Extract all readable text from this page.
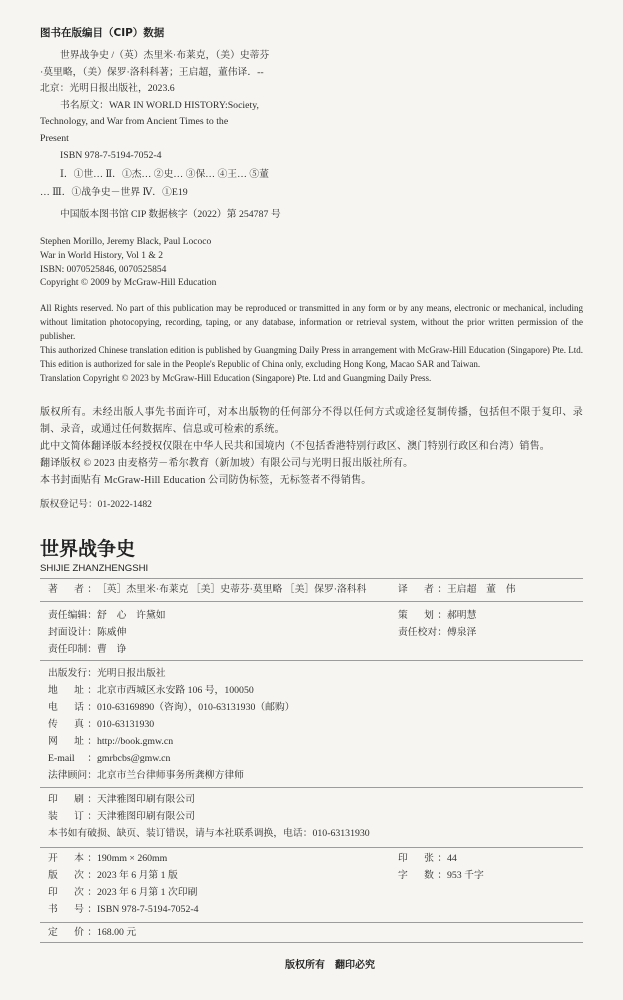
图书在版编目（CIP）数据
世界战争史 /（英）杰里米·布莱克，（美）史蒂芬
·莫里略，（美）保罗·洛科科著；王启超，董伟译．--
北京：光明日报出版社，2023.6
书名原文：WAR IN WORLD HISTORY:Society,
Technology, and War from Ancient Times to the
Present
ISBN 978-7-5194-7052-4
Ⅰ．①世… Ⅱ．①杰… ②史… ③保… ④王… ⑤董
… Ⅲ．①战争史－世界 Ⅳ．①E19
中国版本图书馆 CIP 数据核字（2022）第 254787 号
Stephen Morillo, Jeremy Black, Paul Lococo
War in World History, Vol 1 & 2
ISBN: 0070525846, 0070525854
Copyright © 2009 by McGraw-Hill Education

All Rights reserved. No part of this publication may be reproduced or transmitted in any form or by any means, electronic or mechanical, including without limitation photocopying, recording, taping, or any database, information or retrieval system, without the prior written permission of the publisher.

This authorized Chinese translation edition is published by Guangming Daily Press in arrangement with McGraw-Hill Education (Singapore) Pte. Ltd. This edition is authorized for sale in the People's Republic of China only, excluding Hong Kong, Macao SAR and Taiwan.

Translation Copyright © 2023 by McGraw-Hill Education (Singapore) Pte. Ltd and Guangming Daily Press.

版权所有。未经出版人事先书面许可，对本出版物的任何部分不得以任何方式或途径复制传播，包括但不限于复印、录制、录音，或通过任何数据库、信息或可检索的系统。

此中文简体翻译版本经授权仅限在中华人民共和国境内（不包括香港特别行政区、澳门特别行政区和台湾）销售。

翻译版权 © 2023 由麦格劳－希尔教育（新加坡）有限公司与光明日报出版社所有。

本书封面贴有 McGraw-Hill Education 公司防伪标签，无标签者不得销售。

版权登记号：01-2022-1482
世界战争史
SHIJIE ZHANZHENGSHI
著　者：［英］杰里米·布莱克 ［美］史蒂芬·莫里略 ［美］保罗·洛科科	译　者：王启超　董　伟
责任编辑：舒　心　许黛如	策　划：郝明慧
封面设计：陈威伸	责任校对：傅泉泽
责任印制：曹　诤
出版发行：光明日报出版社
地　址：北京市西城区永安路 106 号，100050
电　话：010-63169890（咨询），010-63131930（邮购）
传　真：010-63131930
网　址：http://book.gmw.cn
E-mail：gmrbcbs@gmw.cn
法律顾问：北京市兰台律师事务所龚柳方律师
印　刷：天津雅图印刷有限公司
装　订：天津雅图印刷有限公司
本书如有破损、缺页、装订错误，请与本社联系调换，电话：010-63131930
开　本：190mm × 260mm	印　张：44
版　次：2023 年 6 月第 1 版	字　数：953 千字
印　次：2023 年 6 月第 1 次印刷
书　号：ISBN 978-7-5194-7052-4
定　价：168.00 元
版权所有　翻印必究
